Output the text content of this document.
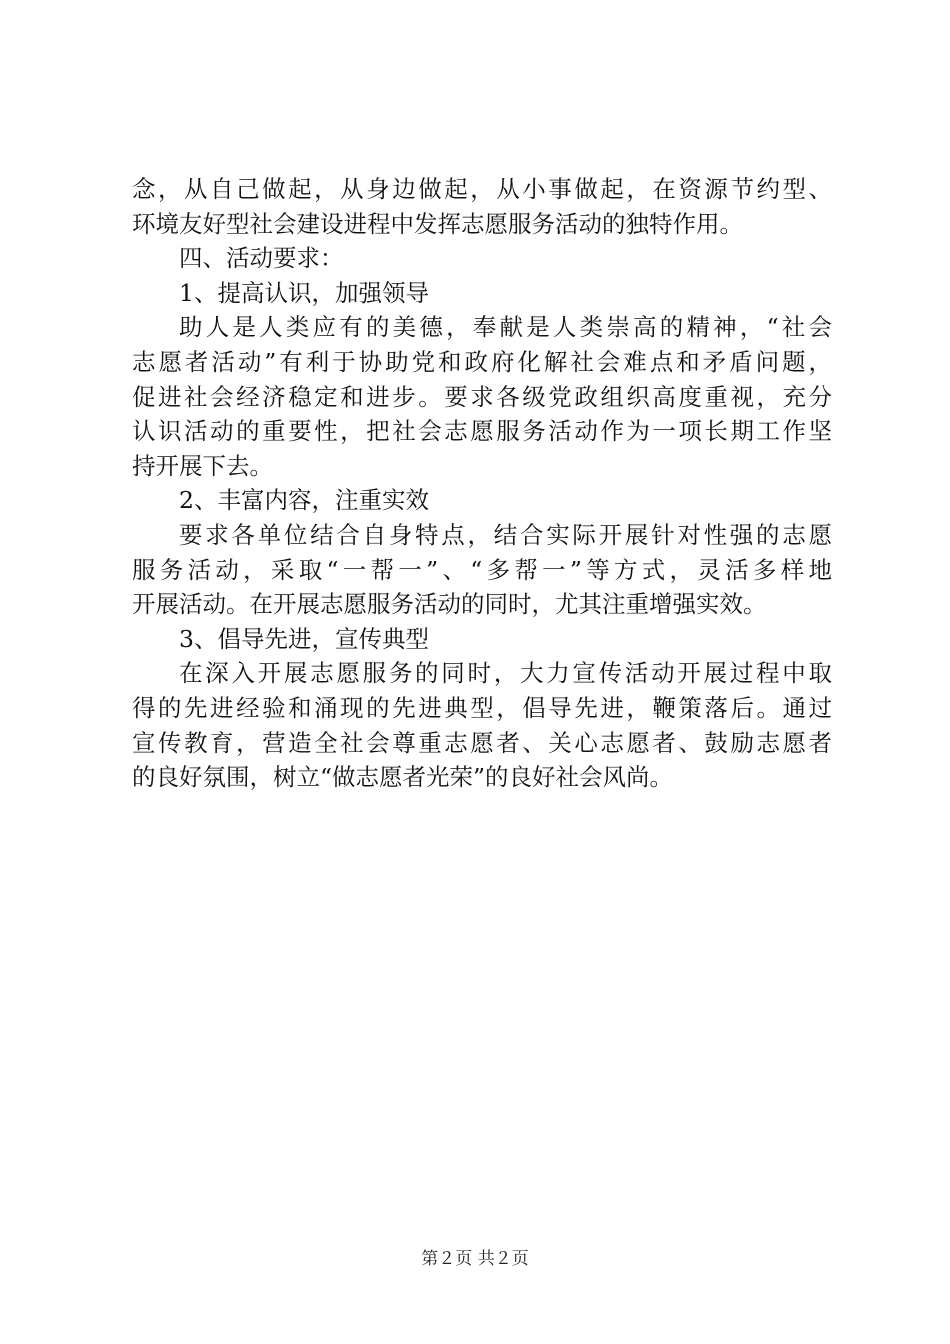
念，从自己做起，从身边做起，从小事做起，在资源节约型、
环境友好型社会建设进程中发挥志愿服务活动的独特作用。
四、活动要求：
1、提高认识，加强领导
助人是人类应有的美德，奉献是人类崇高的精神，“社会
志愿者活动”有利于协助党和政府化解社会难点和矛盾问题，
促进社会经济稳定和进步。要求各级党政组织高度重视，充分
认识活动的重要性，把社会志愿服务活动作为一项长期工作坚
持开展下去。
2、丰富内容，注重实效
要求各单位结合自身特点，结合实际开展针对性强的志愿
服务活动，采取“一帮一”、“多帮一”等方式，灵活多样地
开展活动。在开展志愿服务活动的同时，尤其注重增强实效。
3、倡导先进，宣传典型
在深入开展志愿服务的同时，大力宣传活动开展过程中取
得的先进经验和涌现的先进典型，倡导先进，鞭策落后。通过
宣传教育，营造全社会尊重志愿者、关心志愿者、鼓励志愿者
的良好氛围，树立“做志愿者光荣”的良好社会风尚。
第２页 共２页
